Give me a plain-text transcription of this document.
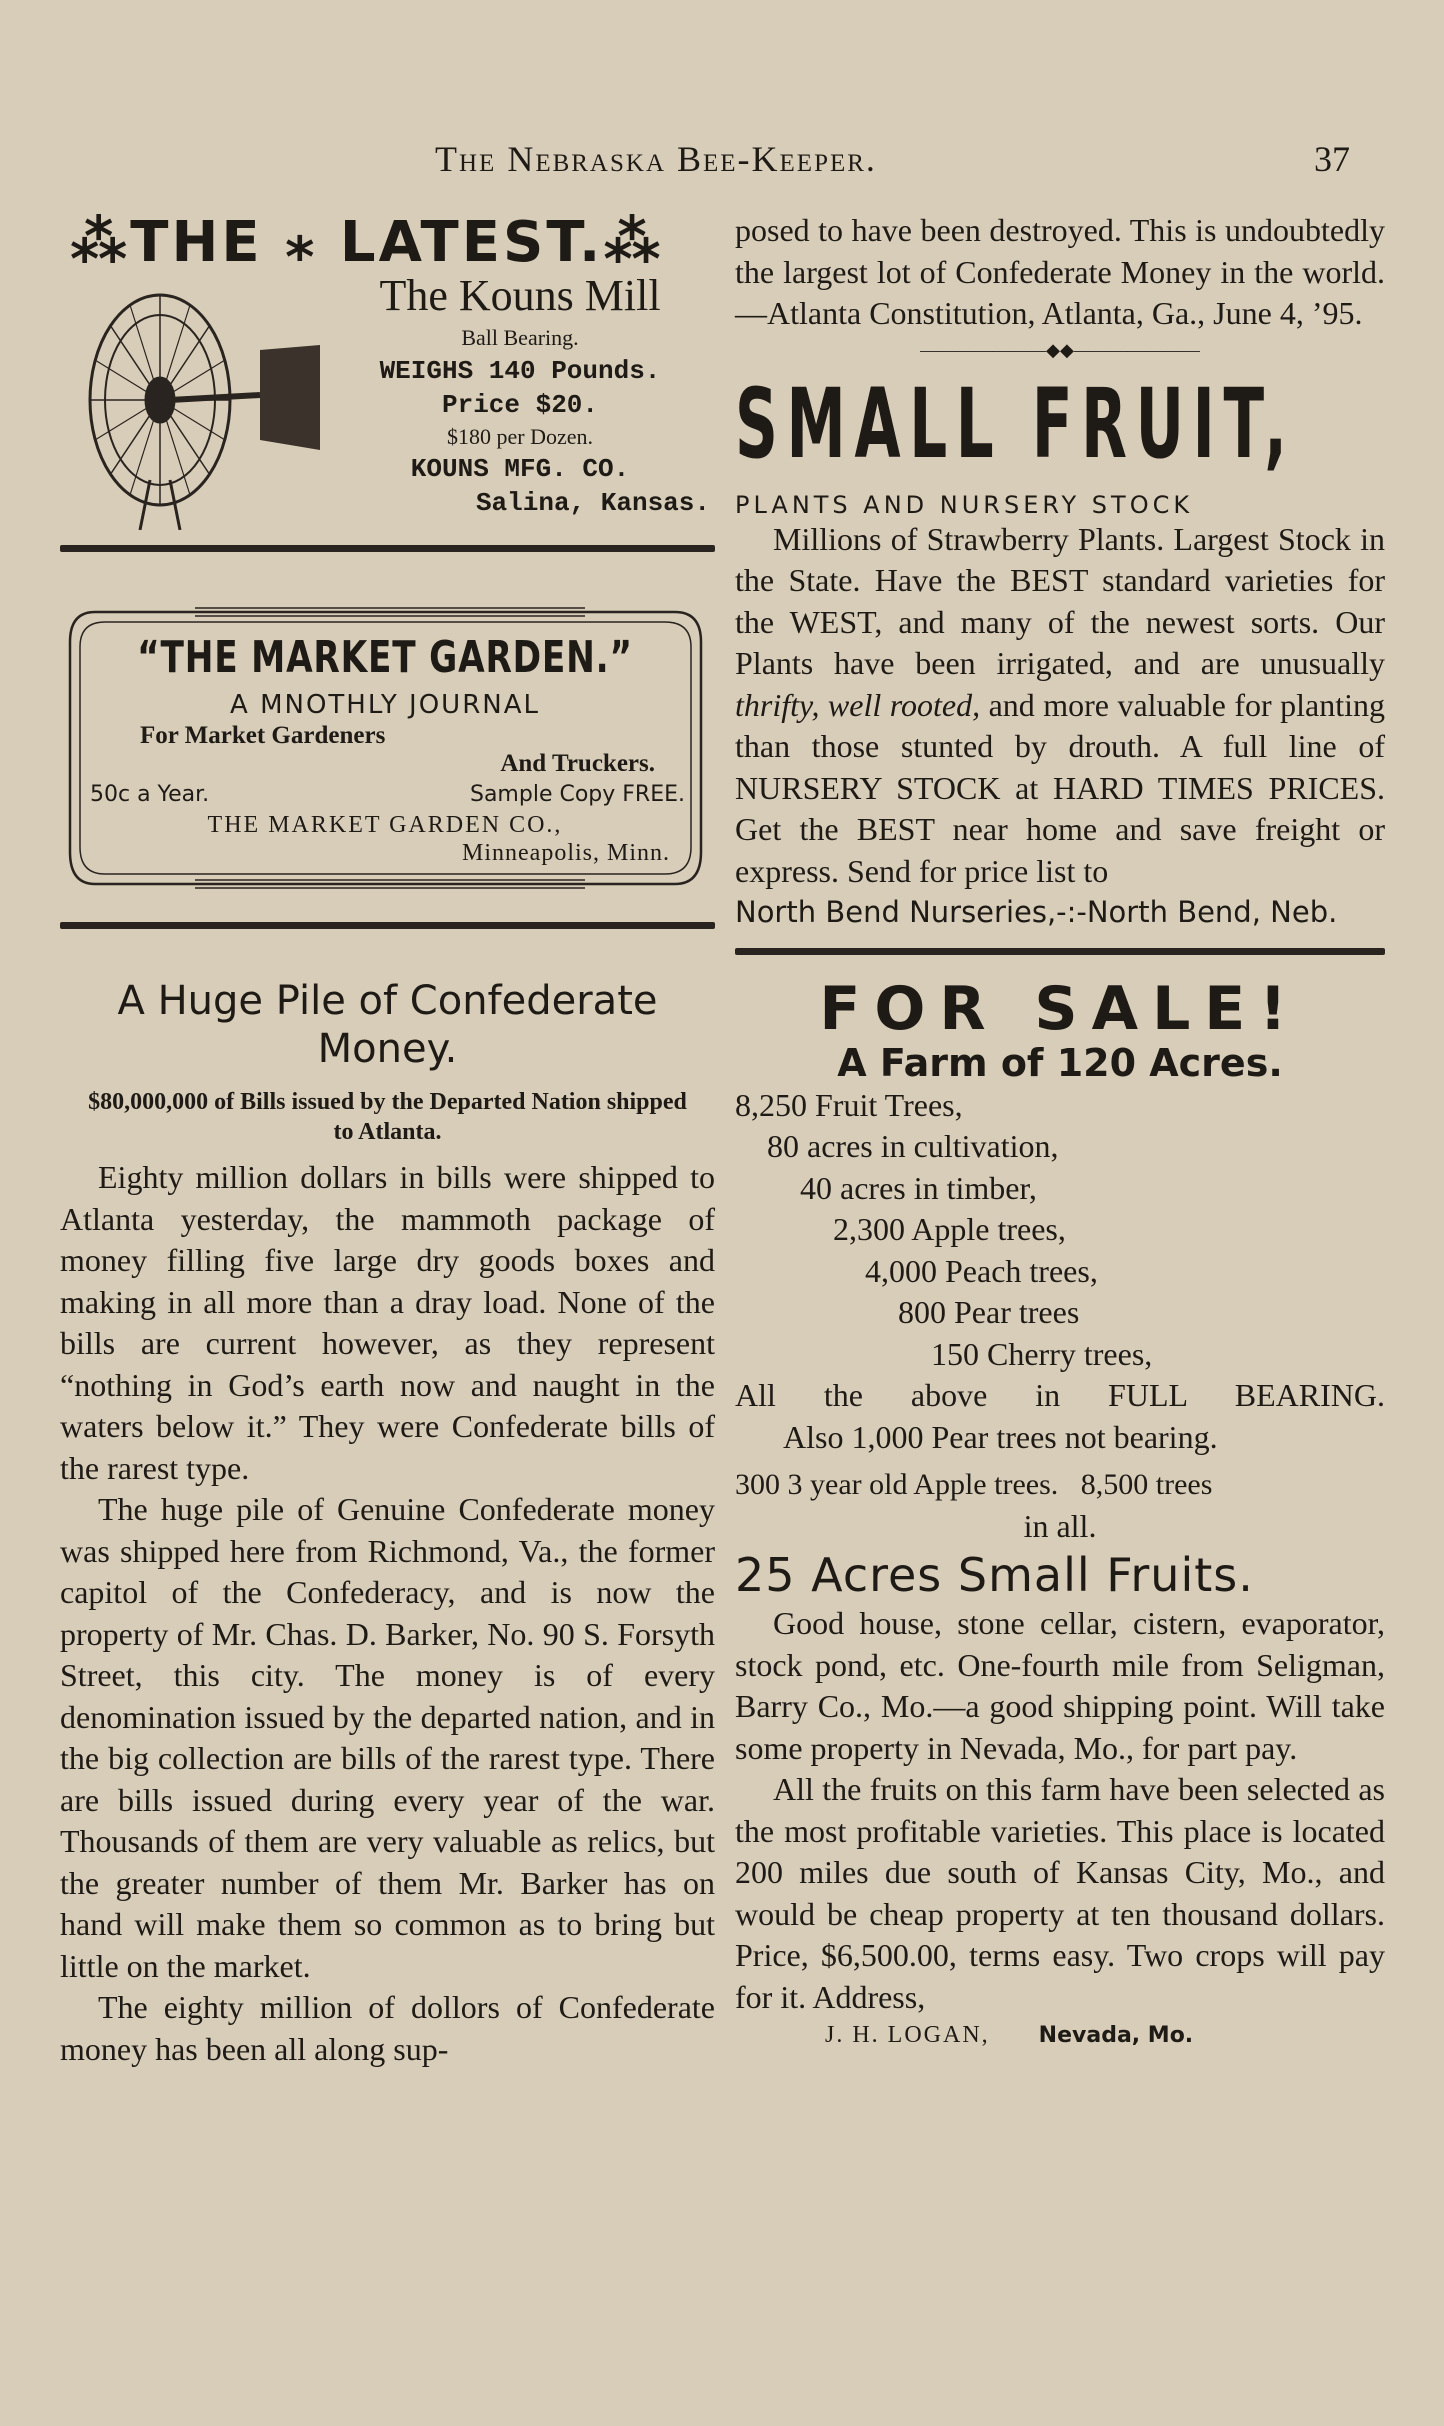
The Nebraska Bee-Keeper.	37
⁂THE ⁎ LATEST.⁂
The Kouns Mill
Ball Bearing.
WEIGHS 140 Pounds.
Price $20.
$180 per Dozen.
KOUNS MFG. CO.
Salina, Kansas.
“THE MARKET GARDEN.”
A MNOTHLY JOURNAL
For Market Gardeners
And Truckers.
50c a Year.	Sample Copy FREE.
THE MARKET GARDEN CO.,
Minneapolis, Minn.
A Huge Pile of Confederate
Money.
$80,000,000 of Bills issued by the Departed Nation shipped to Atlanta.

Eighty million dollars in bills were shipped to Atlanta yesterday, the mammoth package of money filling five large dry goods boxes and making in all more than a dray load. None of the bills are current however, as they represent “nothing in God’s earth now and naught in the waters below it.” They were Confederate bills of the rarest type.

The huge pile of Genuine Confederate money was shipped here from Richmond, Va., the former capitol of the Confederacy, and is now the property of Mr. Chas. D. Barker, No. 90 S. Forsyth Street, this city. The money is of every denomination issued by the departed nation, and in the big collection are bills of the rarest type. There are bills issued during every year of the war. Thousands of them are very valuable as relics, but the greater number of them Mr. Barker has on hand will make them so common as to bring but little on the market.

The eighty million of dollors of Confederate money has been all along sup-

posed to have been destroyed. This is undoubtedly the largest lot of Confederate Money in the world.—Atlanta Constitution, Atlanta, Ga., June 4, ’95.

———————◆◆———————
SMALL FRUIT,
PLANTS AND NURSERY STOCK

Millions of Strawberry Plants. Largest Stock in the State. Have the BEST standard varieties for the WEST, and many of the newest sorts. Our Plants have been irrigated, and are unusually thrifty, well rooted, and more valuable for planting than those stunted by drouth. A full line of NURSERY STOCK at HARD TIMES PRICES. Get the BEST near home and save freight or express. Send for price list to

North Bend Nurseries,-:-North Bend, Neb.

FOR SALE!
A Farm of 120 Acres.
8,250 Fruit Trees,
80 acres in cultivation,
40 acres in timber,
2,300 Apple trees,
4,000 Peach trees,
800 Pear trees
150 Cherry trees,
All the above in FULL BEARING.
Also 1,000 Pear trees not bearing.
300 3 year old Apple trees.   8,500 trees
in all.
25 Acres Small Fruits.

Good house, stone cellar, cistern, evaporator, stock pond, etc. One-fourth mile from Seligman, Barry Co., Mo.—a good shipping point. Will take some property in Nevada, Mo., for part pay.

All the fruits on this farm have been selected as the most profitable varieties. This place is located 200 miles due south of Kansas City, Mo., and would be cheap property at ten thousand dollars. Price, $6,500.00, terms easy. Two crops will pay for it. Address,

J. H. LOGAN, Nevada, Mo.
